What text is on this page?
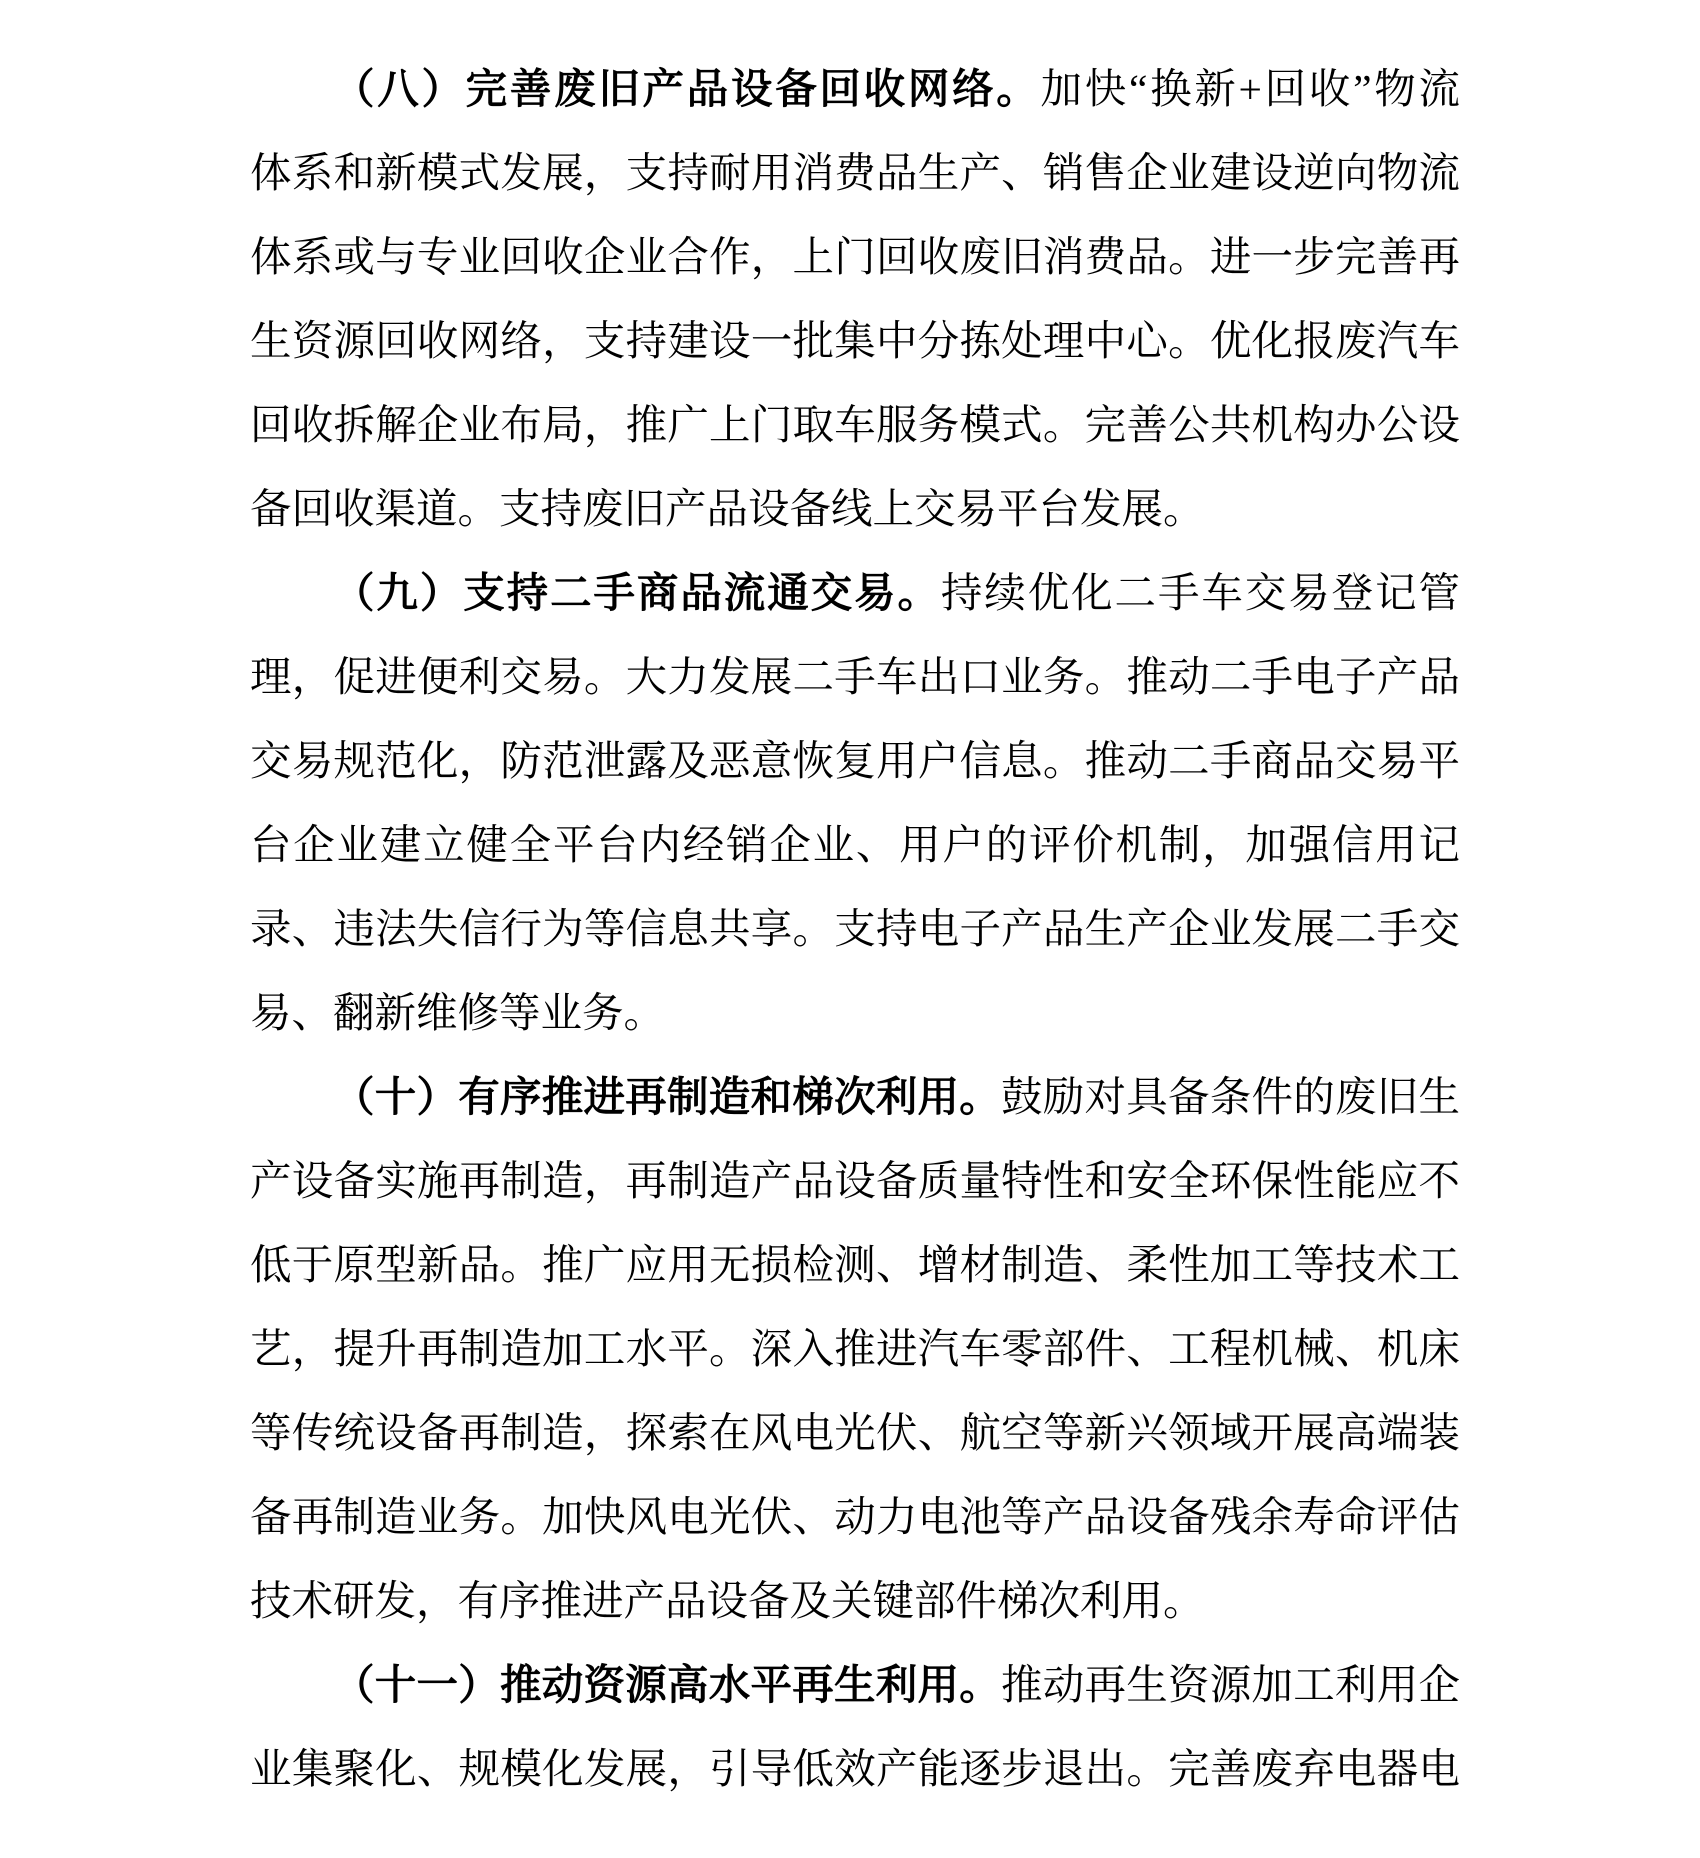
（八）完善废旧产品设备回收网络。加快“换新+回收”物流
体系和新模式发展，支持耐用消费品生产、销售企业建设逆向物流
体系或与专业回收企业合作，上门回收废旧消费品。进一步完善再
生资源回收网络，支持建设一批集中分拣处理中心。优化报废汽车
回收拆解企业布局，推广上门取车服务模式。完善公共机构办公设
备回收渠道。支持废旧产品设备线上交易平台发展。

（九）支持二手商品流通交易。持续优化二手车交易登记管
理，促进便利交易。大力发展二手车出口业务。推动二手电子产品
交易规范化，防范泄露及恶意恢复用户信息。推动二手商品交易平
台企业建立健全平台内经销企业、用户的评价机制，加强信用记
录、违法失信行为等信息共享。支持电子产品生产企业发展二手交
易、翻新维修等业务。

（十）有序推进再制造和梯次利用。鼓励对具备条件的废旧生
产设备实施再制造，再制造产品设备质量特性和安全环保性能应不
低于原型新品。推广应用无损检测、增材制造、柔性加工等技术工
艺，提升再制造加工水平。深入推进汽车零部件、工程机械、机床
等传统设备再制造，探索在风电光伏、航空等新兴领域开展高端装
备再制造业务。加快风电光伏、动力电池等产品设备残余寿命评估
技术研发，有序推进产品设备及关键部件梯次利用。

（十一）推动资源高水平再生利用。推动再生资源加工利用企
业集聚化、规模化发展，引导低效产能逐步退出。完善废弃电器电
